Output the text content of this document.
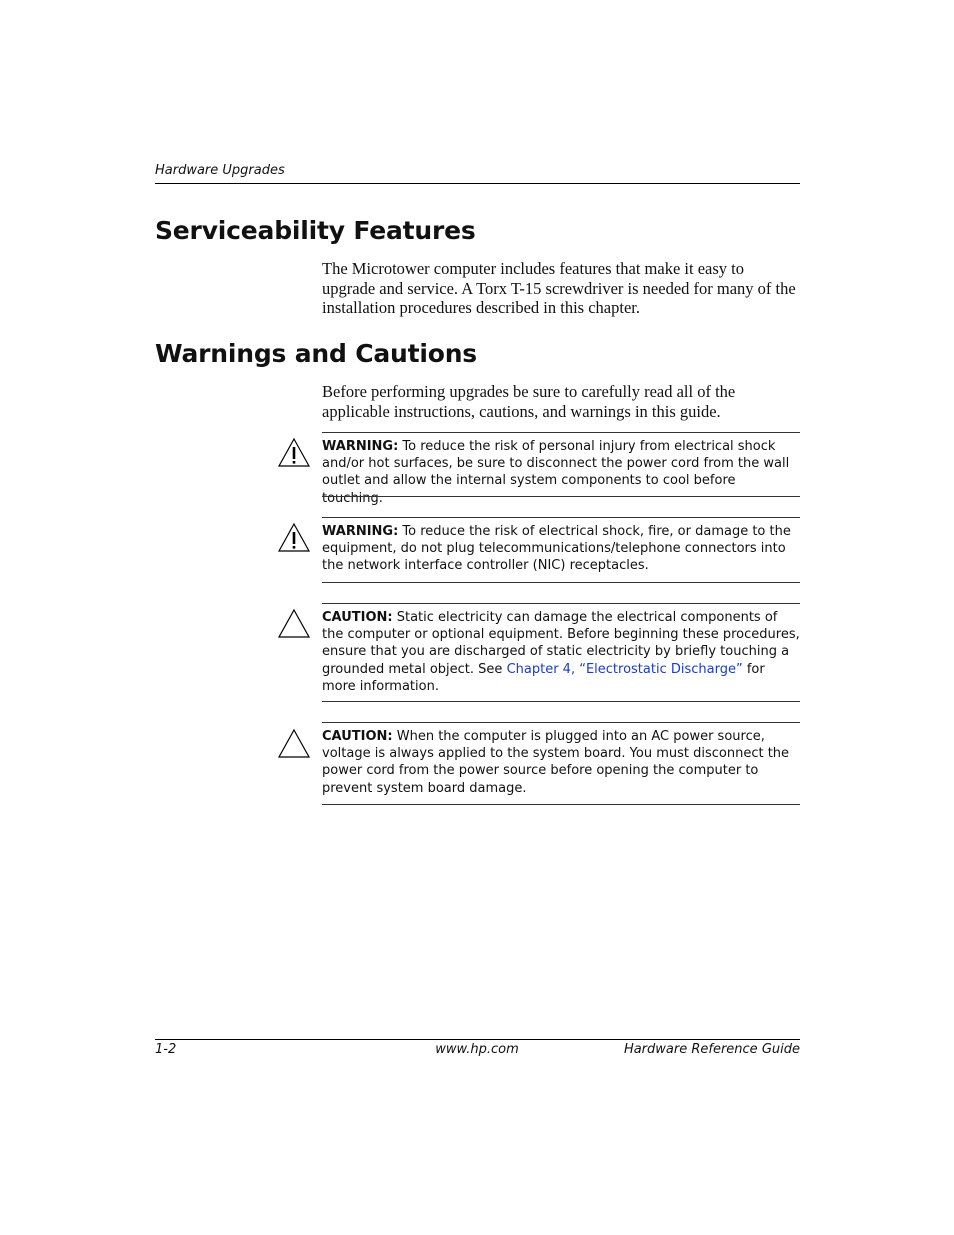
Hardware Upgrades
Serviceability Features

The Microtower computer includes features that make it easy to upgrade and service. A Torx T-15 screwdriver is needed for many of the installation procedures described in this chapter.

Warnings and Cautions

Before performing upgrades be sure to carefully read all of the applicable instructions, cautions, and warnings in this guide.

WARNING: To reduce the risk of personal injury from electrical shock and/or hot surfaces, be sure to disconnect the power cord from the wall outlet and allow the internal system components to cool before touching.

WARNING: To reduce the risk of electrical shock, fire, or damage to the equipment, do not plug telecommunications/telephone connectors into the network interface controller (NIC) receptacles.

CAUTION: Static electricity can damage the electrical components of the computer or optional equipment. Before beginning these procedures, ensure that you are discharged of static electricity by briefly touching a grounded metal object. See Chapter 4, “Electrostatic Discharge” for more information.

CAUTION: When the computer is plugged into an AC power source, voltage is always applied to the system board. You must disconnect the power cord from the power source before opening the computer to prevent system board damage.

1-2	www.hp.com	Hardware Reference Guide
